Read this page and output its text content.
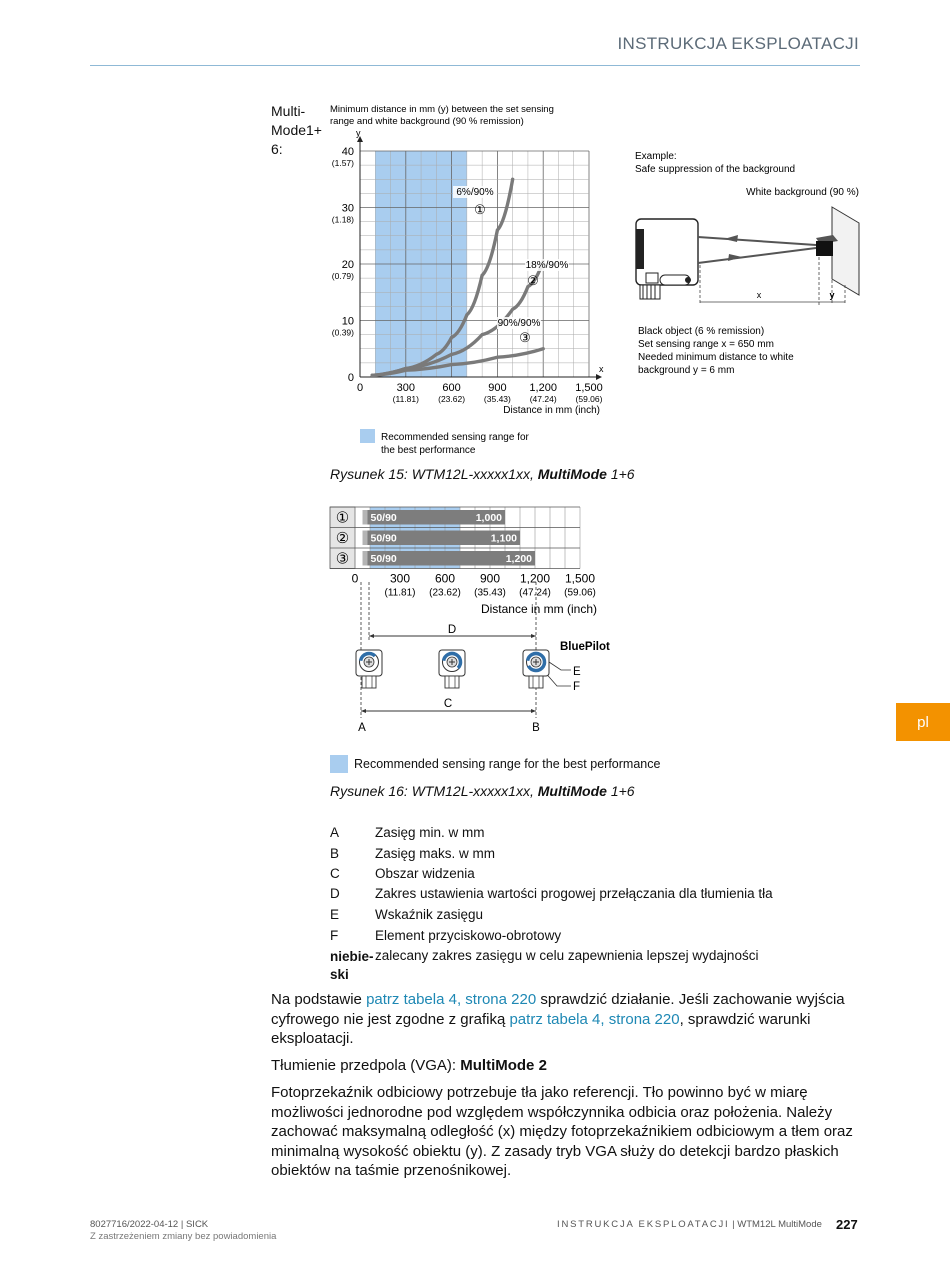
INSTRUKCJA EKSPLOATACJI
pl
Multi-
Mode1+
6:
Minimum distance in mm (y) between the set sensing
range and white background (90 % remission)
x
y
6%/90%
①
18%/90%
②
90%/90%
③
0	300
(11.81)
600
(23.62)
900
(35.43)
1,200
(47.24)
1,500
(59.06)
0
10
(0.39)
20
(0.79)
30
(1.18)
40
(1.57)
Distance in mm (inch)
Recommended sensing range for
the best performance
Example:
Safe suppression of the background
White background (90 %)
x	y
Black object (6 % remission)
Set sensing range x = 650 mm
Needed minimum distance to white
background y = 6 mm
Rysunek 15: WTM12L-xxxxx1xx, MultiMode 1+6
① 50/90	1,000
② 50/90	1,100
③ 50/90	1,200
0	300
(11.81)
600
(23.62)
900
(35.43)
1,200
(47.24)
1,500
(59.06)
Distance in mm (inch)
D
C
A	B
BluePilot
E
F
Recommended sensing range for the best performance
Rysunek 16: WTM12L-xxxxx1xx, MultiMode 1+6
A	Zasięg min. w mm
B	Zasięg maks. w mm
C	Obszar widzenia
D	Zakres ustawienia wartości progowej przełączania dla tłumienia tła
E	Wskaźnik zasięgu
F	Element przyciskowo-obrotowy
niebie-
ski
zalecany zakres zasięgu w celu zapewnienia lepszej wydajności
Na podstawie patrz tabela 4, strona 220 sprawdzić działanie. Jeśli zachowanie wyjścia cyfrowego nie jest zgodne z grafiką patrz tabela 4, strona 220, sprawdzić warunki eksploatacji.
Tłumienie przedpola (VGA): MultiMode 2
Fotoprzekaźnik odbiciowy potrzebuje tła jako referencji. Tło powinno być w miarę możliwości jednorodne pod względem współczynnika odbicia oraz położenia. Należy zachować maksymalną odległość (x) między fotoprzekaźnikiem odbiciowym a tłem oraz minimalną wysokość obiektu (y). Z zasady tryb VGA służy do detekcji bardzo płaskich obiektów na taśmie przenośnikowej.
8027716/2022-04-12 | SICK
Z zastrzeżeniem zmiany bez powiadomienia
INSTRUKCJA EKSPLOATACJI | WTM12L MultiMode 227
